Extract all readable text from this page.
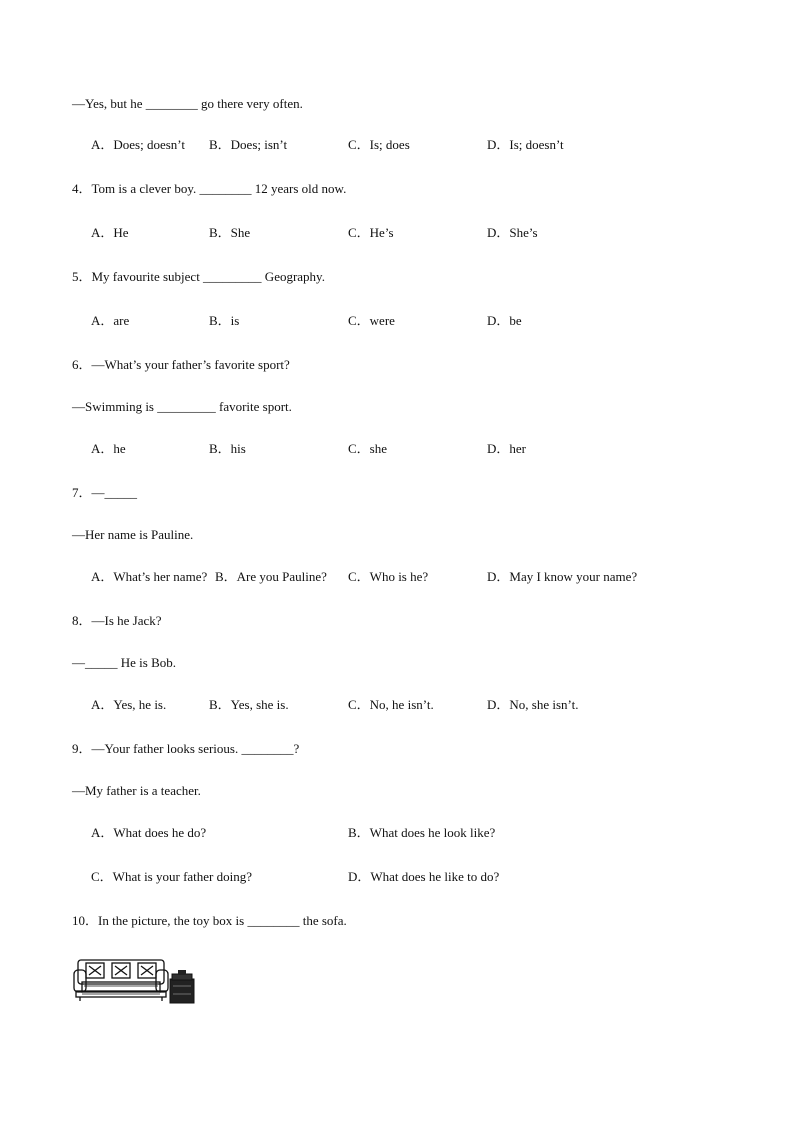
—Yes, but he ________ go there very often.
A．Does; doesn’t B．Does; isn’t	C．Is; does	D．Is; doesn’t
4．Tom is a clever boy. ________ 12 years old now.
A．He	B．She	C．He’s	D．She’s
5．My favourite subject _________ Geography.
A．are	B．is	C．were	D．be
6．—What’s your father’s favorite sport?
—Swimming is _________ favorite sport.
A．he	B．his	C．she	D．her
7．—_____
—Her name is Pauline.
A．What’s her name? B．Are you Pauline? C．Who is he?	D．May I know your name?
8．—Is he Jack?
—_____ He is Bob.
A．Yes, he is.	B．Yes, she is.	C．No, he isn’t.	D．No, she isn’t.
9．—Your father looks serious. ________?
—My father is a teacher.
A．What does he do?	B．What does he look like?
C．What is your father doing?	D．What does he like to do?
10．In the picture, the toy box is ________ the sofa.
